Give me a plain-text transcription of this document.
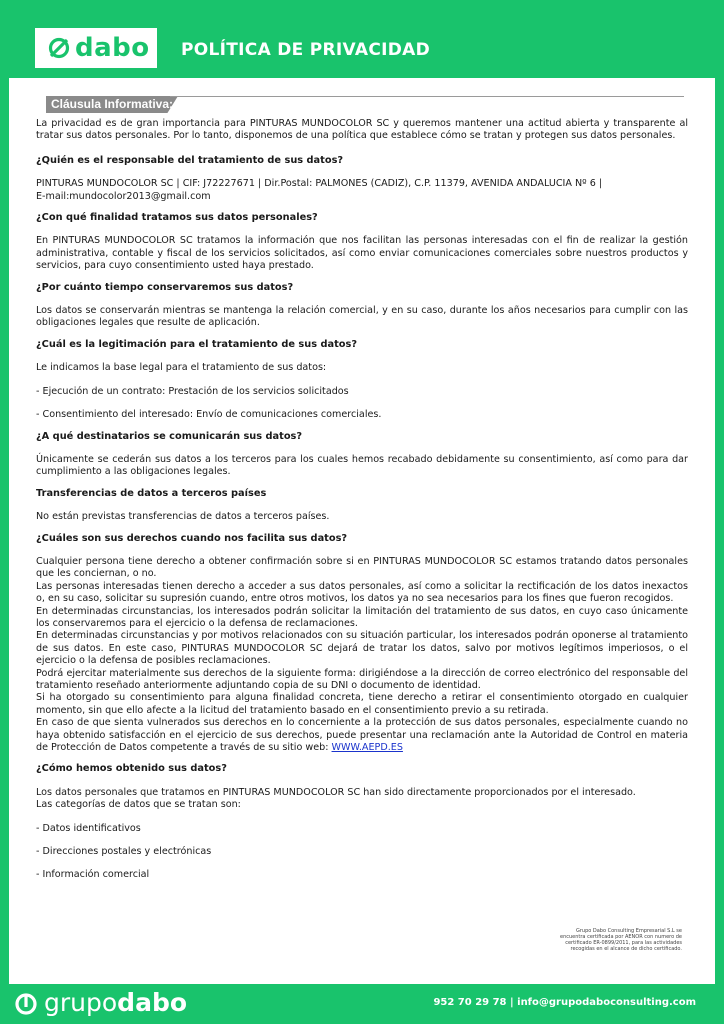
dabo	POLÍTICA DE PRIVACIDAD
Cláusula Informativa:

La privacidad es de gran importancia para PINTURAS MUNDOCOLOR SC y queremos mantener una actitud abierta y transparente al tratar sus datos personales. Por lo tanto, disponemos de una política que establece cómo se tratan y protegen sus datos personales.

¿Quién es el responsable del tratamiento de sus datos?

PINTURAS MUNDOCOLOR SC | CIF: J72227671 | Dir.Postal: PALMONES (CADIZ), C.P. 11379, AVENIDA ANDALUCIA Nº 6 |

E-mail:mundocolor2013@gmail.com

¿Con qué finalidad tratamos sus datos personales?

En PINTURAS MUNDOCOLOR SC tratamos la información que nos facilitan las personas interesadas con el fin de realizar la gestión administrativa, contable y fiscal de los servicios solicitados, así como enviar comunicaciones comerciales sobre nuestros productos y servicios, para cuyo consentimiento usted haya prestado.

¿Por cuánto tiempo conservaremos sus datos?

Los datos se conservarán mientras se mantenga la relación comercial, y en su caso, durante los años necesarios para cumplir con las obligaciones legales que resulte de aplicación.

¿Cuál es la legitimación para el tratamiento de sus datos?

Le indicamos la base legal para el tratamiento de sus datos:

- Ejecución de un contrato: Prestación de los servicios solicitados

- Consentimiento del interesado: Envío de comunicaciones comerciales.

¿A qué destinatarios se comunicarán sus datos?

Únicamente se cederán sus datos a los terceros para los cuales hemos recabado debidamente su consentimiento, así como para dar cumplimiento a las obligaciones legales.

Transferencias de datos a terceros países

No están previstas transferencias de datos a terceros países.

¿Cuáles son sus derechos cuando nos facilita sus datos?

Cualquier persona tiene derecho a obtener confirmación sobre si en PINTURAS MUNDOCOLOR SC estamos tratando datos personales que les conciernan, o no.

Las personas interesadas tienen derecho a acceder a sus datos personales, así como a solicitar la rectificación de los datos inexactos o, en su caso, solicitar su supresión cuando, entre otros motivos, los datos ya no sea necesarios para los fines que fueron recogidos.

En determinadas circunstancias, los interesados podrán solicitar la limitación del tratamiento de sus datos, en cuyo caso únicamente los conservaremos para el ejercicio o la defensa de reclamaciones.

En determinadas circunstancias y por motivos relacionados con su situación particular, los interesados podrán oponerse al tratamiento de sus datos. En este caso, PINTURAS MUNDOCOLOR SC dejará de tratar los datos, salvo por motivos legítimos imperiosos, o el ejercicio o la defensa de posibles reclamaciones.

Podrá ejercitar materialmente sus derechos de la siguiente forma: dirigiéndose a la dirección de correo electrónico del responsable del tratamiento reseñado anteriormente adjuntando copia de su DNI o documento de identidad.

Si ha otorgado su consentimiento para alguna finalidad concreta, tiene derecho a retirar el consentimiento otorgado en cualquier momento, sin que ello afecte a la licitud del tratamiento basado en el consentimiento previo a su retirada.

En caso de que sienta vulnerados sus derechos en lo concerniente a la protección de sus datos personales, especialmente cuando no haya obtenido satisfacción en el ejercicio de sus derechos, puede presentar una reclamación ante la Autoridad de Control en materia de Protección de Datos competente a través de su sitio web: WWW.AEPD.ES

¿Cómo hemos obtenido sus datos?

Los datos personales que tratamos en PINTURAS MUNDOCOLOR SC han sido directamente proporcionados por el interesado.

Las categorías de datos que se tratan son:

- Datos identificativos

- Direcciones postales y electrónicas

- Información comercial

Grupo Dabo Consulting Empresarial S.L se encuentra certificada por AENOR con numero de certificado ER-0899/2011, para las actividades recogidas en el alcance de dicho certificado.
grupodabo	952 70 29 78 | info@grupodaboconsulting.com
